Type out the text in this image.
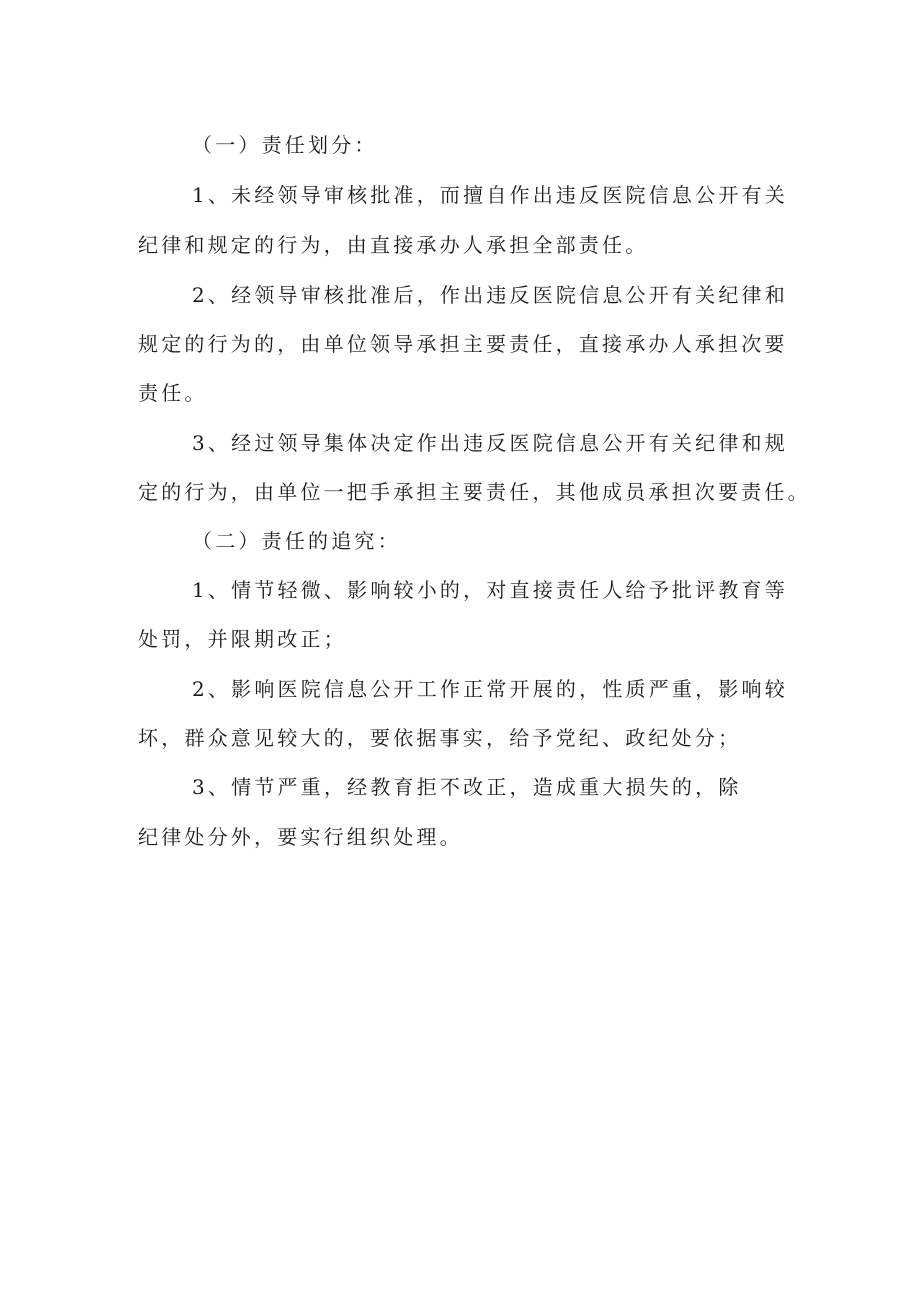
（一）责任划分：
1、未经领导审核批准，而擅自作出违反医院信息公开有关
纪律和规定的行为，由直接承办人承担全部责任。
2、经领导审核批准后，作出违反医院信息公开有关纪律和
规定的行为的，由单位领导承担主要责任，直接承办人承担次要
责任。
3、经过领导集体决定作出违反医院信息公开有关纪律和规
定的行为，由单位一把手承担主要责任，其他成员承担次要责任。
（二）责任的追究：
1、情节轻微、影响较小的，对直接责任人给予批评教育等
处罚，并限期改正；
2、影响医院信息公开工作正常开展的，性质严重，影响较
坏，群众意见较大的，要依据事实，给予党纪、政纪处分；
3、情节严重，经教育拒不改正，造成重大损失的，除
纪律处分外，要实行组织处理。
